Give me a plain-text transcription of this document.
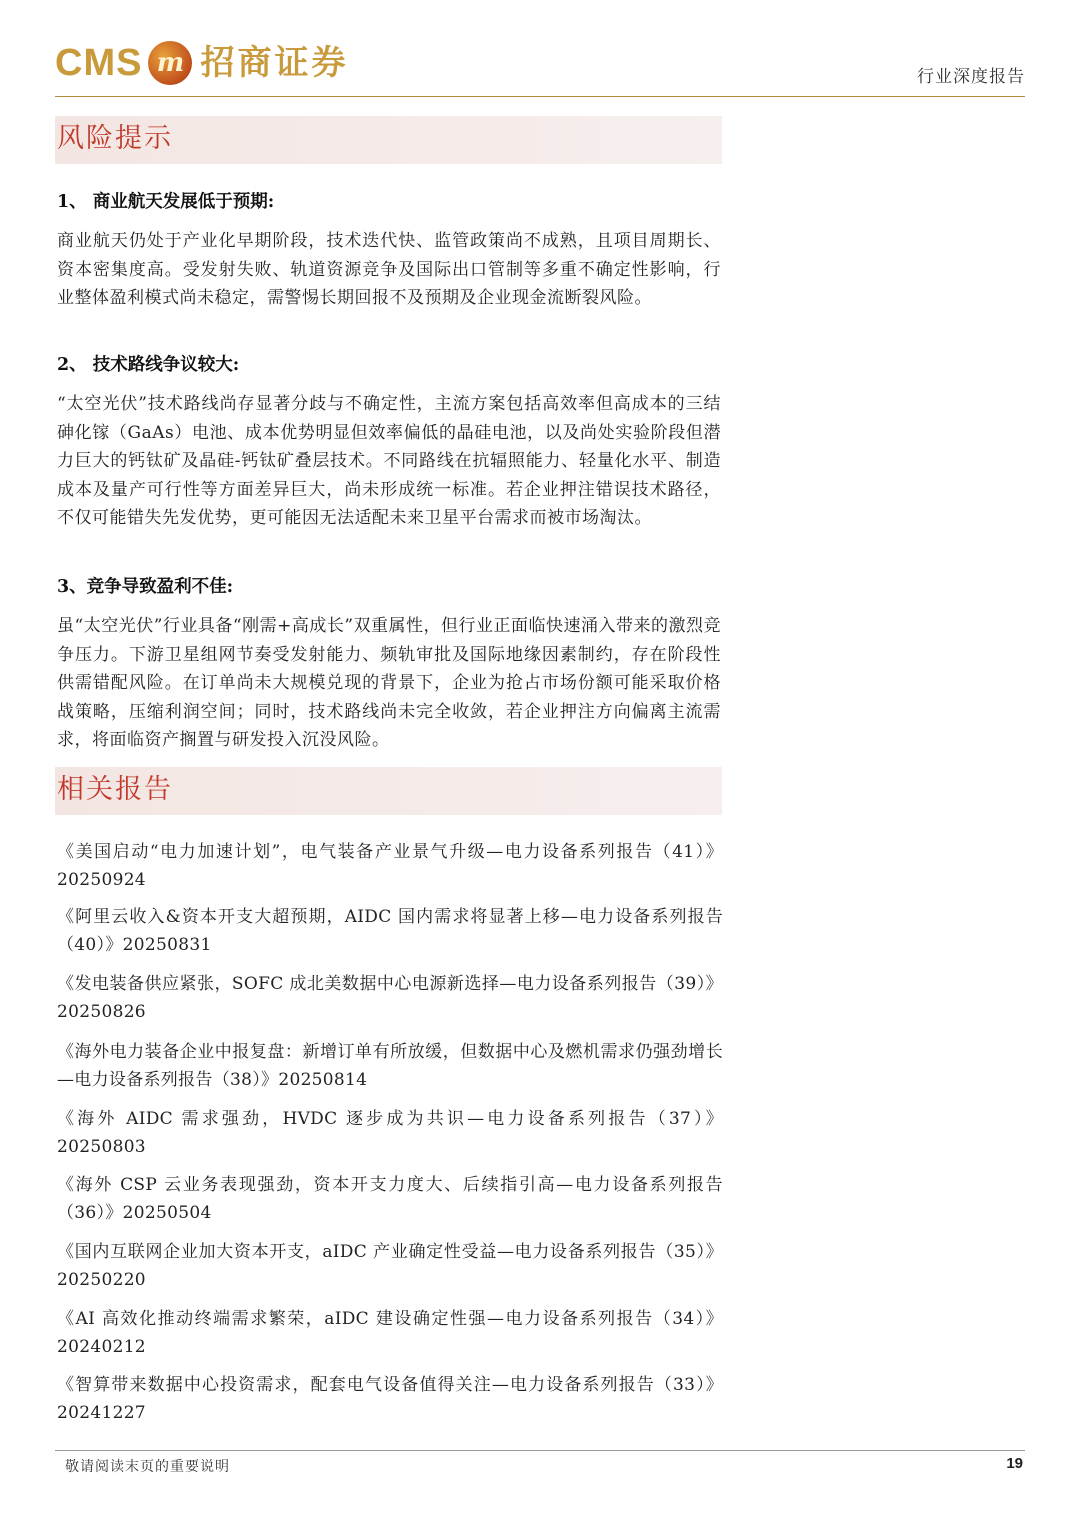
CMS m 招商证券	行业深度报告
风险提示
1、 商业航天发展低于预期:
商业航天仍处于产业化早期阶段，技术迭代快、监管政策尚不成熟，且项目周期长、资本密集度高。受发射失败、轨道资源竞争及国际出口管制等多重不确定性影响，行业整体盈利模式尚未稳定，需警惕长期回报不及预期及企业现金流断裂风险。
2、 技术路线争议较大:
“太空光伏”技术路线尚存显著分歧与不确定性，主流方案包括高效率但高成本的三结砷化镓（GaAs）电池、成本优势明显但效率偏低的晶硅电池，以及尚处实验阶段但潜力巨大的钙钛矿及晶硅-钙钛矿叠层技术。不同路线在抗辐照能力、轻量化水平、制造成本及量产可行性等方面差异巨大，尚未形成统一标准。若企业押注错误技术路径，不仅可能错失先发优势，更可能因无法适配未来卫星平台需求而被市场淘汰。
3、竞争导致盈利不佳:
虽“太空光伏”行业具备“刚需+高成长”双重属性，但行业正面临快速涌入带来的激烈竞争压力。下游卫星组网节奏受发射能力、频轨审批及国际地缘因素制约，存在阶段性供需错配风险。在订单尚未大规模兑现的背景下，企业为抢占市场份额可能采取价格战策略，压缩利润空间；同时，技术路线尚未完全收敛，若企业押注方向偏离主流需求，将面临资产搁置与研发投入沉没风险。
相关报告
《美国启动“电力加速计划”，电气装备产业景气升级—电力设备系列报告（41）》 20250924
《阿里云收入&资本开支大超预期，AIDC 国内需求将显著上移—电力设备系列报告（40）》20250831
《发电装备供应紧张，SOFC 成北美数据中心电源新选择—电力设备系列报告（39）》20250826
《海外电力装备企业中报复盘：新增订单有所放缓，但数据中心及燃机需求仍强劲增长—电力设备系列报告（38）》20250814
《海外 AIDC 需求强劲，HVDC 逐步成为共识—电力设备系列报告（37）》 20250803
《海外 CSP 云业务表现强劲，资本开支力度大、后续指引高—电力设备系列报告（36）》20250504
《国内互联网企业加大资本开支，aIDC 产业确定性受益—电力设备系列报告（35）》20250220
《AI 高效化推动终端需求繁荣，aIDC 建设确定性强—电力设备系列报告（34）》 20240212
《智算带来数据中心投资需求，配套电气设备值得关注—电力设备系列报告（33）》 20241227
敬请阅读末页的重要说明	19
